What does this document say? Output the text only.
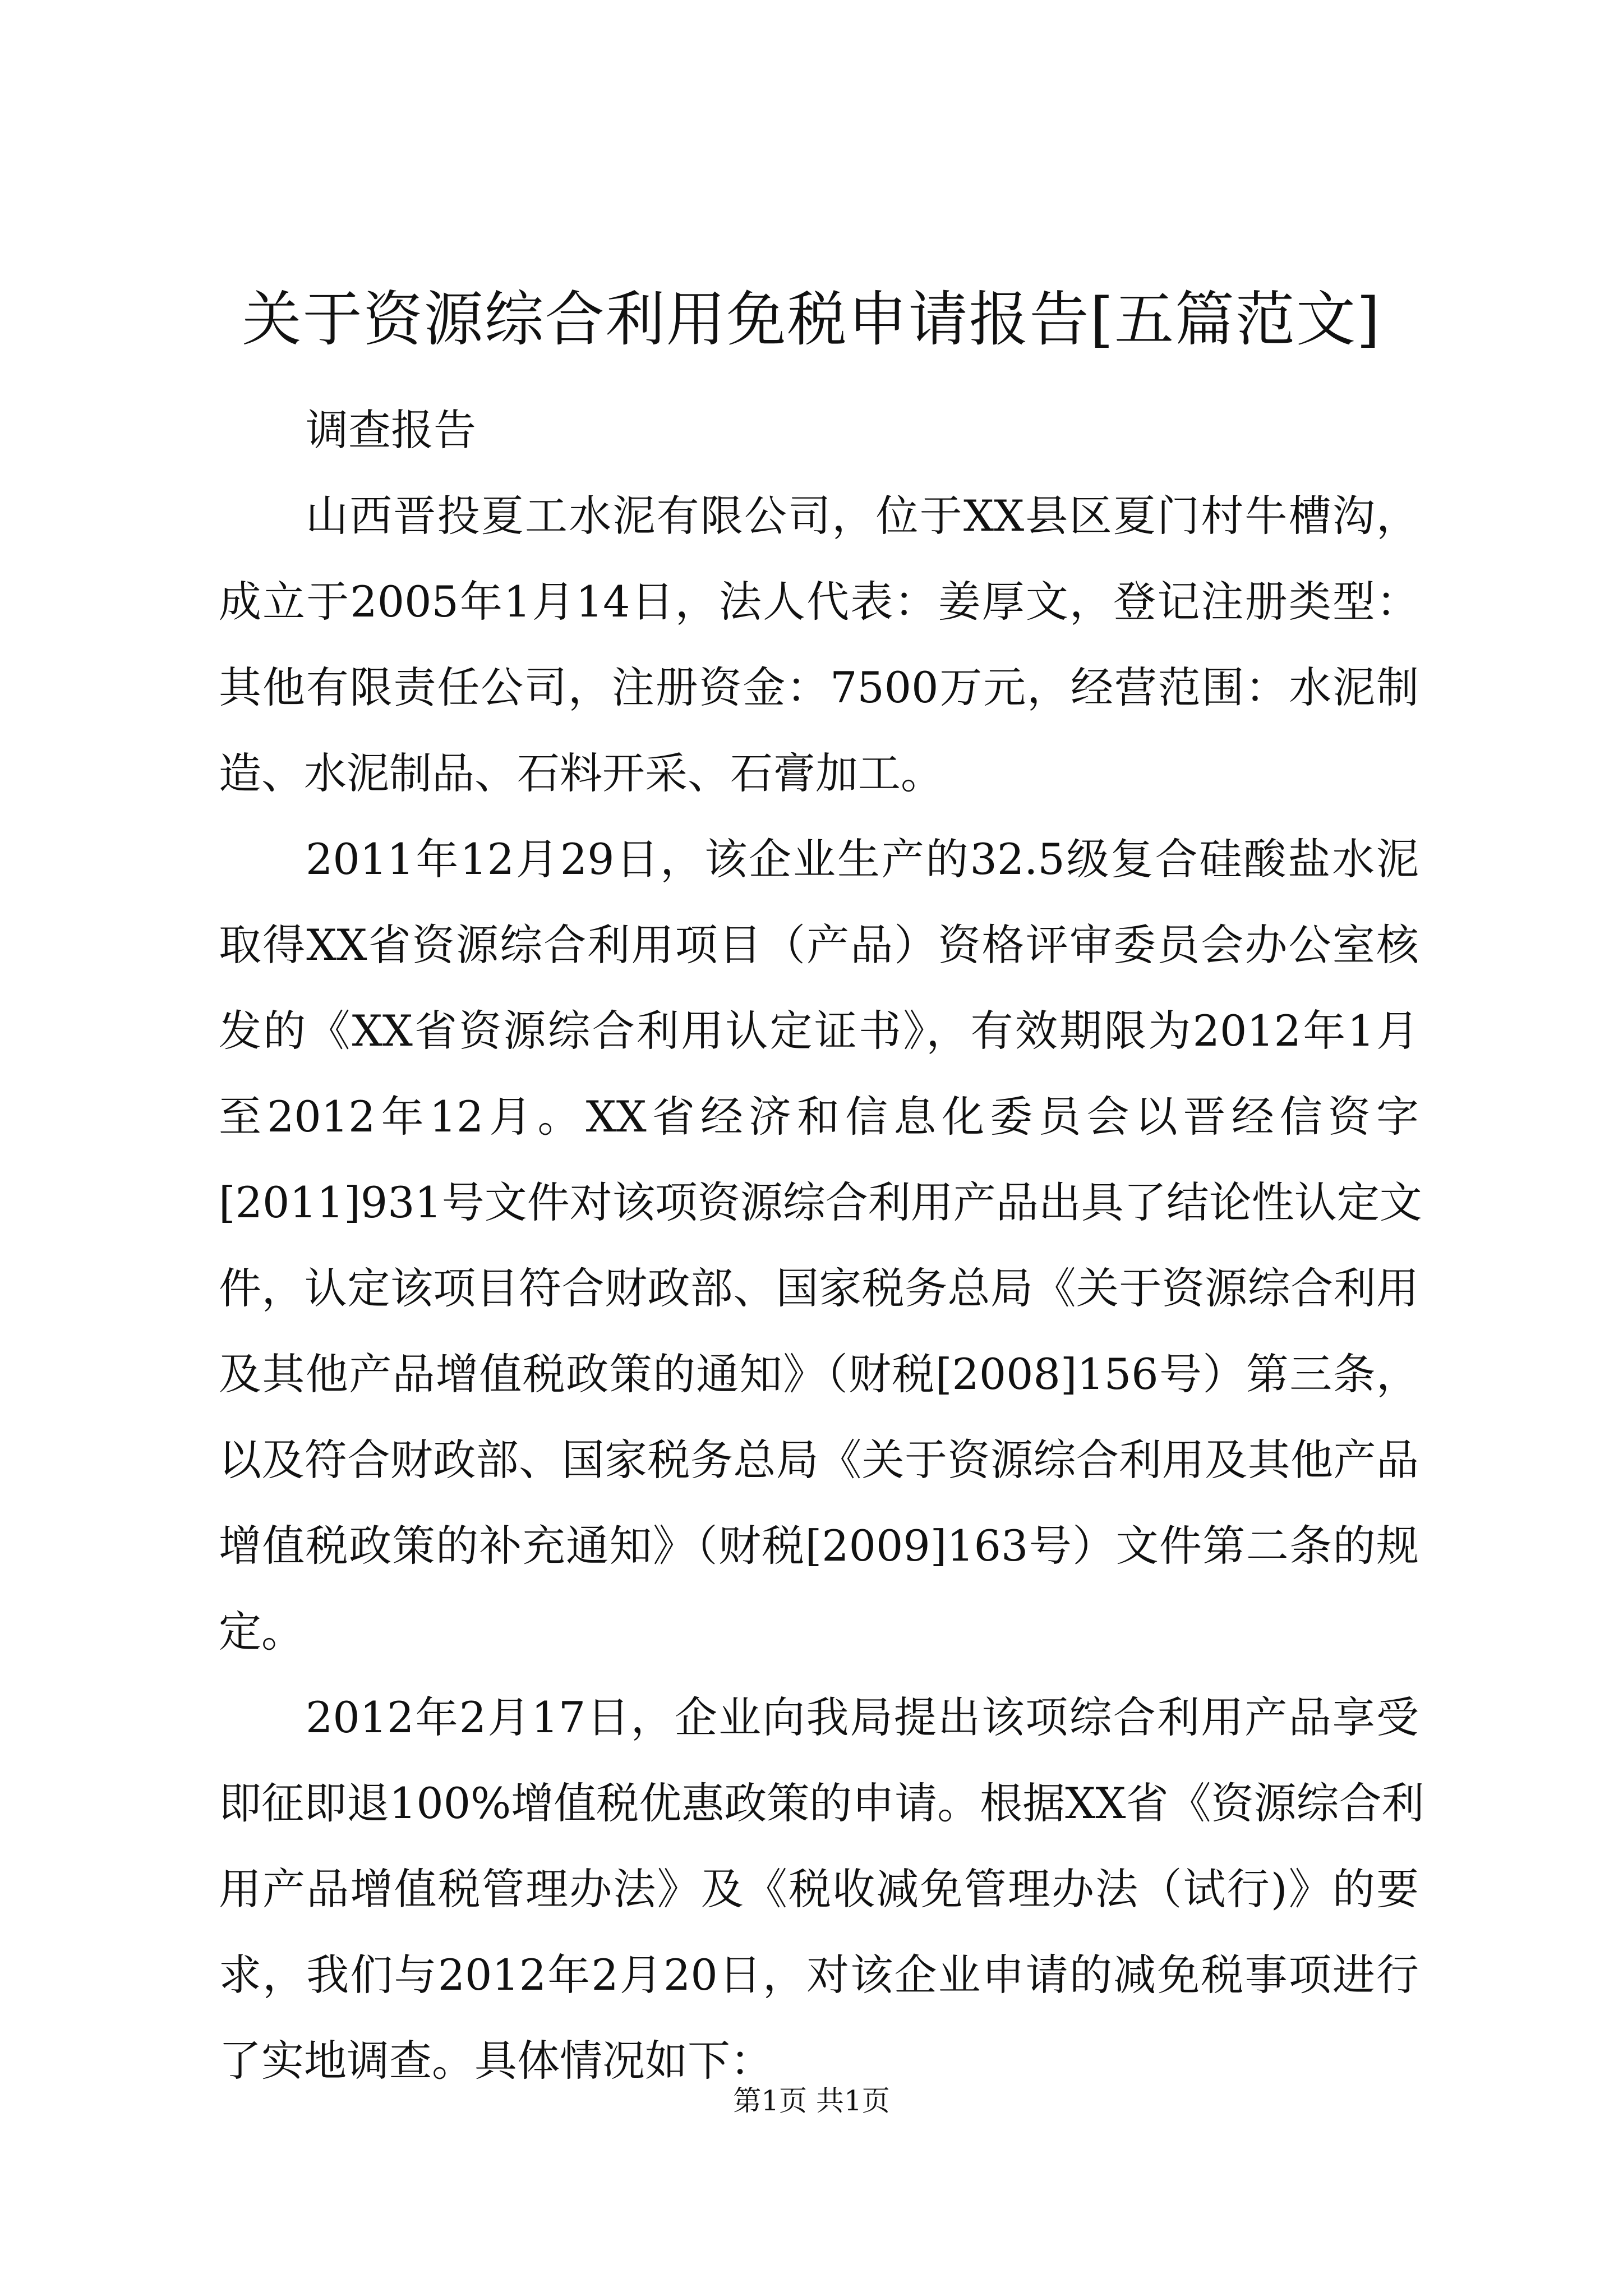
关于资源综合利用免税申请报告[五篇范文]
调查报告
山西晋投夏工水泥有限公司，位于XX县区夏门村牛槽沟，
成立于2005年1月14日，法人代表：姜厚文，登记注册类型：
其他有限责任公司，注册资金：7500万元，经营范围：水泥制
造、水泥制品、石料开采、石膏加工。
2011年12月29日，该企业生产的32.5级复合硅酸盐水泥
取得XX省资源综合利用项目（产品）资格评审委员会办公室核
发的《XX省资源综合利用认定证书》，有效期限为2012年1月
至2012年12月。XX省经济和信息化委员会以晋经信资字
[2011]931号文件对该项资源综合利用产品出具了结论性认定文
件，认定该项目符合财政部、国家税务总局《关于资源综合利用
及其他产品增值税政策的通知》（财税[2008]156号）第三条，
以及符合财政部、国家税务总局《关于资源综合利用及其他产品
增值税政策的补充通知》（财税[2009]163号）文件第二条的规
定。
2012年2月17日，企业向我局提出该项综合利用产品享受
即征即退100%增值税优惠政策的申请。根据XX省《资源综合利
用产品增值税管理办法》及《税收减免管理办法（试行)》的要
求，我们与2012年2月20日，对该企业申请的减免税事项进行
了实地调查。具体情况如下：
第1页 共1页
